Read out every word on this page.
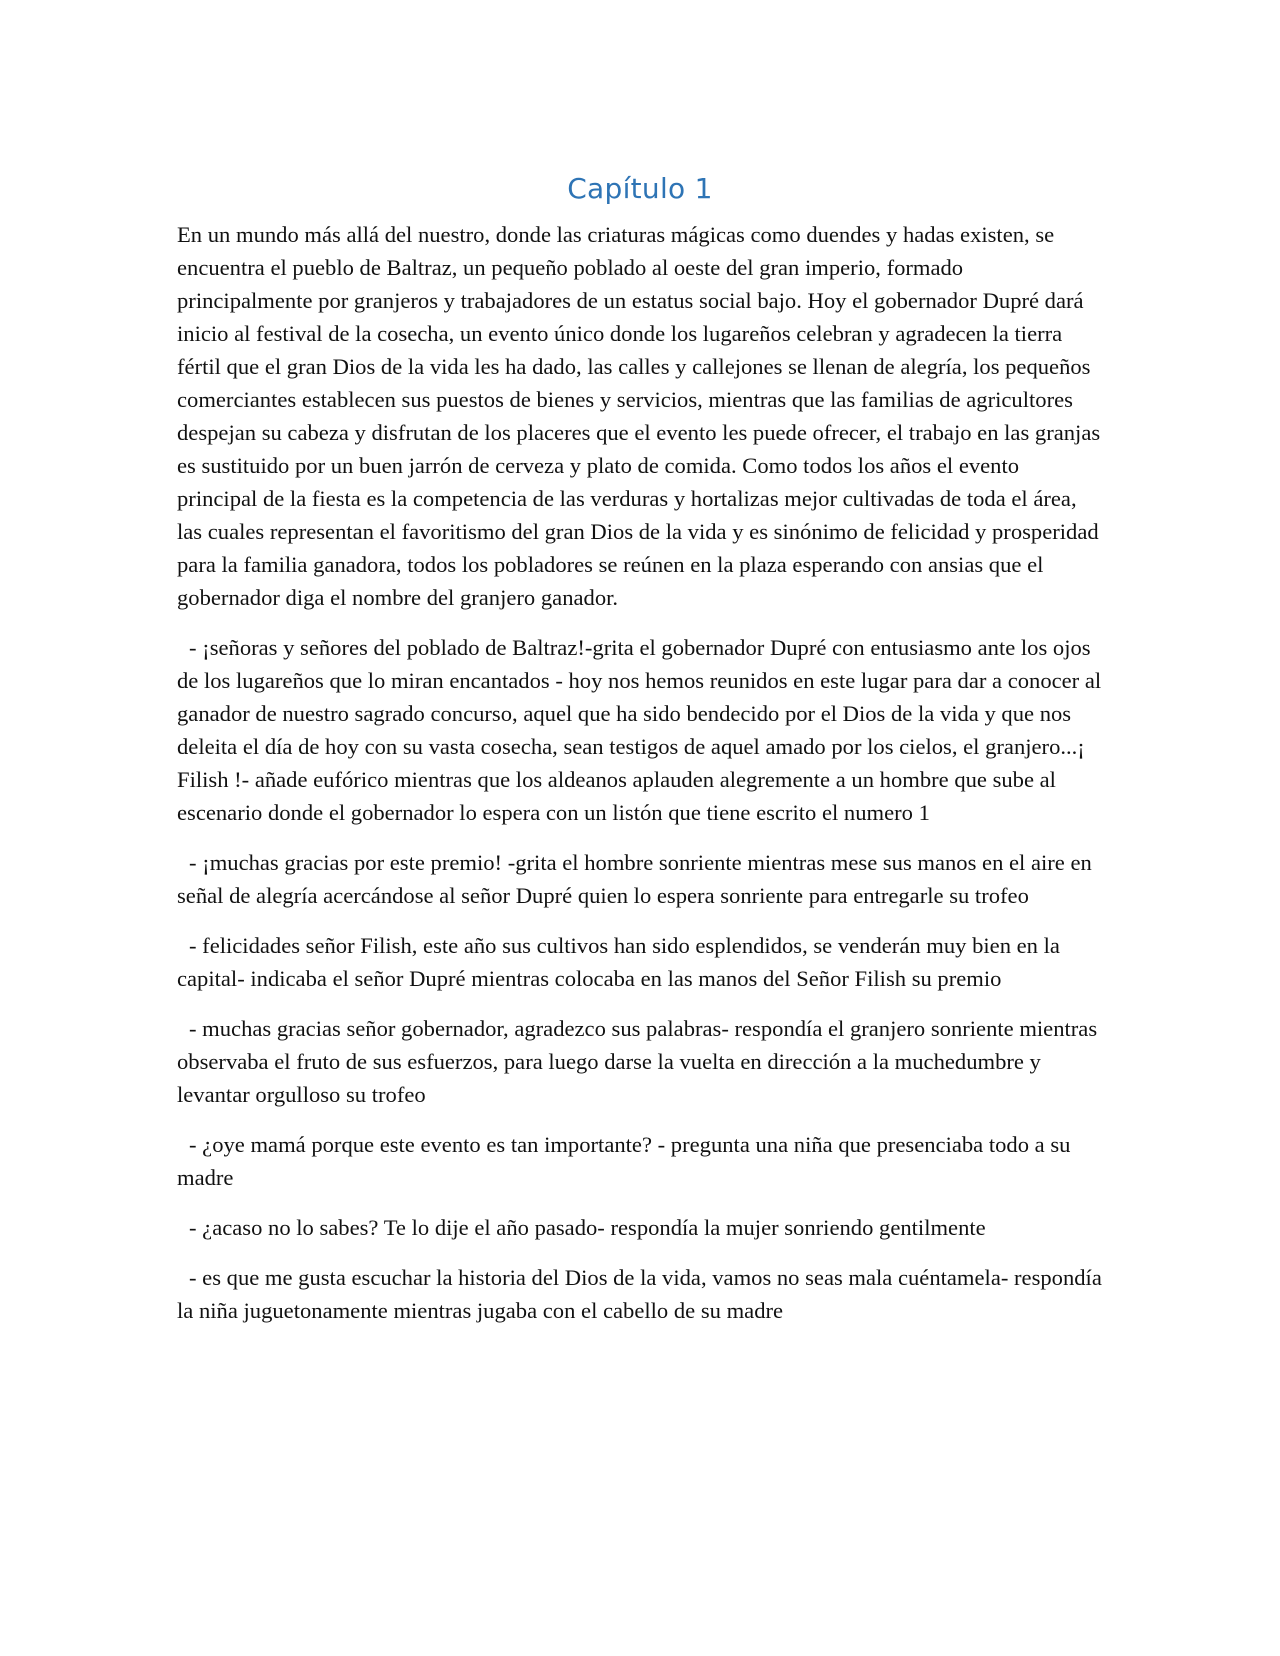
Capítulo 1

En un mundo más allá del nuestro, donde las criaturas mágicas como duendes y hadas existen, se encuentra el pueblo de Baltraz, un pequeño poblado al oeste del gran imperio, formado principalmente por granjeros y trabajadores de un estatus social bajo. Hoy el gobernador Dupré dará inicio al festival de la cosecha, un evento único donde los lugareños celebran y agradecen la tierra fértil que el gran Dios de la vida les ha dado, las calles y callejones se llenan de alegría, los pequeños comerciantes establecen sus puestos de bienes y servicios, mientras que las familias de agricultores despejan su cabeza y disfrutan de los placeres que el evento les puede ofrecer, el trabajo en las granjas es sustituido por un buen jarrón de cerveza y plato de comida. Como todos los años el evento principal de la fiesta es la competencia de las verduras y hortalizas mejor cultivadas de toda el área, las cuales representan el favoritismo del gran Dios de la vida y es sinónimo de felicidad y prosperidad para la familia ganadora, todos los pobladores se reúnen en la plaza esperando con ansias que el gobernador diga el nombre del granjero ganador.

- ¡señoras y señores del poblado de Baltraz!-grita el gobernador Dupré con entusiasmo ante los ojos de los lugareños que lo miran encantados - hoy nos hemos reunidos en este lugar para dar a conocer al ganador de nuestro sagrado concurso, aquel que ha sido bendecido por el Dios de la vida y que nos deleita el día de hoy con su vasta cosecha, sean testigos de aquel amado por los cielos, el granjero...¡ Filish !- añade eufórico mientras que los aldeanos aplauden alegremente a un hombre que sube al escenario donde el gobernador lo espera con un listón que tiene escrito el numero 1

- ¡muchas gracias por este premio! -grita el hombre sonriente mientras mese sus manos en el aire en señal de alegría acercándose al señor Dupré quien lo espera sonriente para entregarle su trofeo

- felicidades señor Filish, este año sus cultivos han sido esplendidos, se venderán muy bien en la capital- indicaba el señor Dupré mientras colocaba en las manos del Señor Filish su premio

- muchas gracias señor gobernador, agradezco sus palabras- respondía el granjero sonriente mientras observaba el fruto de sus esfuerzos, para luego darse la vuelta en dirección a la muchedumbre y levantar orgulloso su trofeo

- ¿oye mamá porque este evento es tan importante? - pregunta una niña que presenciaba todo a su madre

- ¿acaso no lo sabes? Te lo dije el año pasado- respondía la mujer sonriendo gentilmente

- es que me gusta escuchar la historia del Dios de la vida, vamos no seas mala cuéntamela- respondía la niña juguetonamente mientras jugaba con el cabello de su madre
